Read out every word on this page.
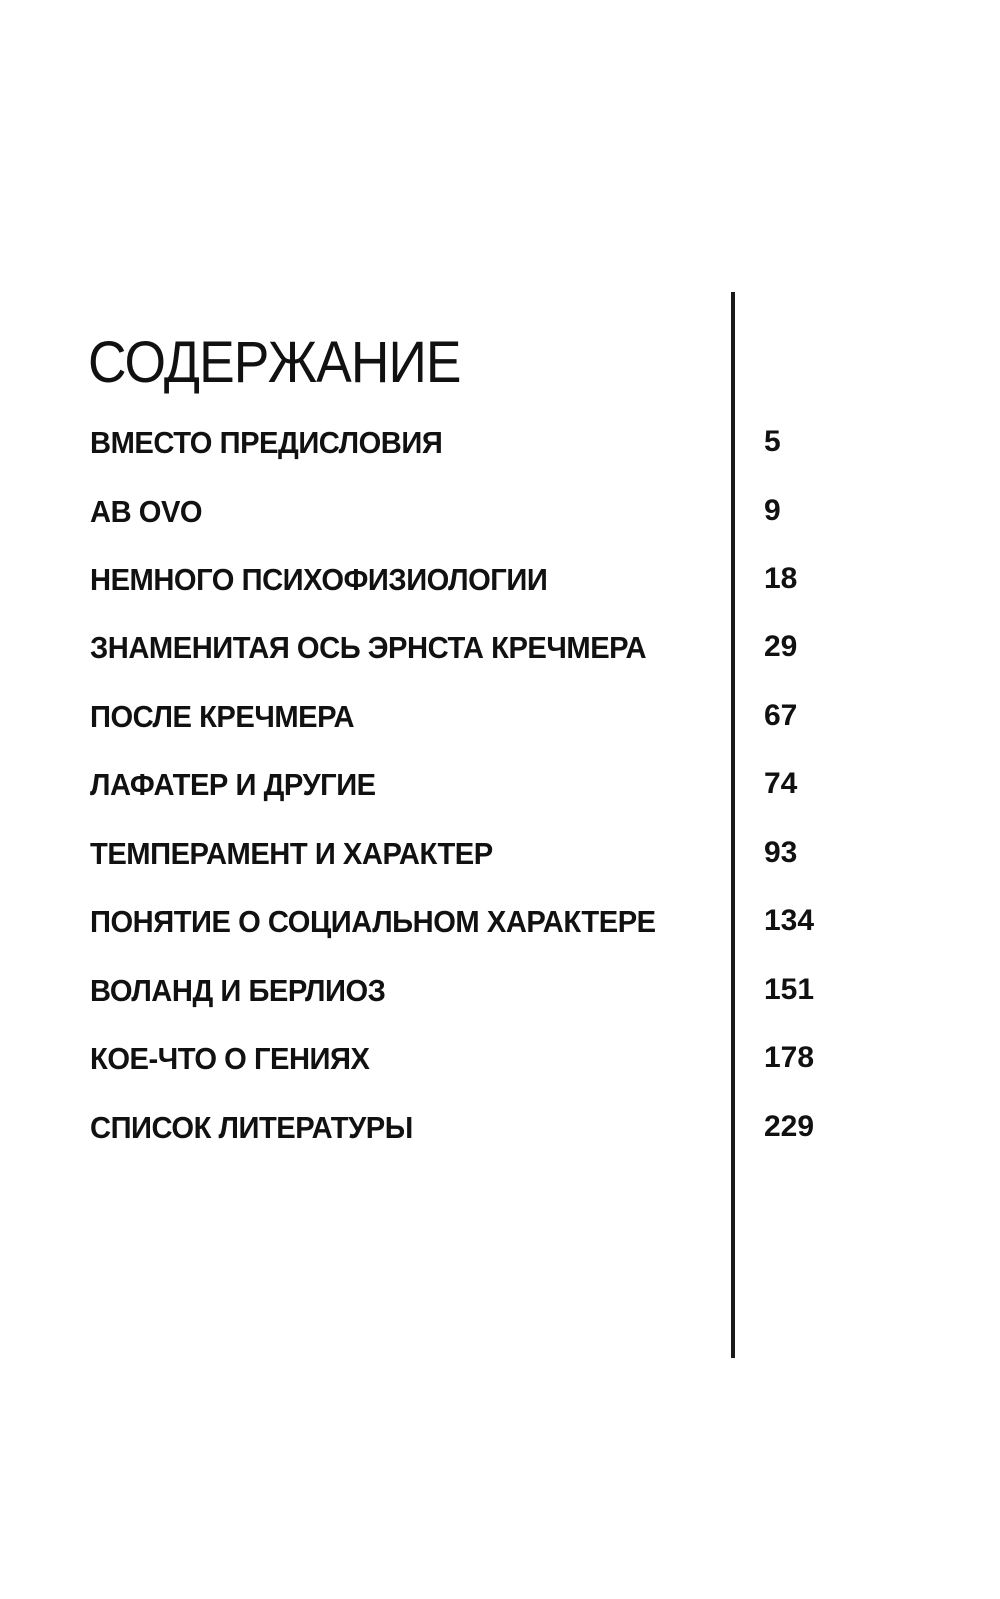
СОДЕРЖАНИЕ
ВМЕСТО ПРЕДИСЛОВИЯ	5
AB OVO	9
НЕМНОГО ПСИХОФИЗИОЛОГИИ	18
ЗНАМЕНИТАЯ ОСЬ ЭРНСТА КРЕЧМЕРА	29
ПОСЛЕ КРЕЧМЕРА	67
ЛАФАТЕР И ДРУГИЕ	74
ТЕМПЕРАМЕНТ И ХАРАКТЕР	93
ПОНЯТИЕ О СОЦИАЛЬНОМ ХАРАКТЕРЕ	134
ВОЛАНД И БЕРЛИОЗ	151
КОЕ-ЧТО О ГЕНИЯХ	178
СПИСОК ЛИТЕРАТУРЫ	229
